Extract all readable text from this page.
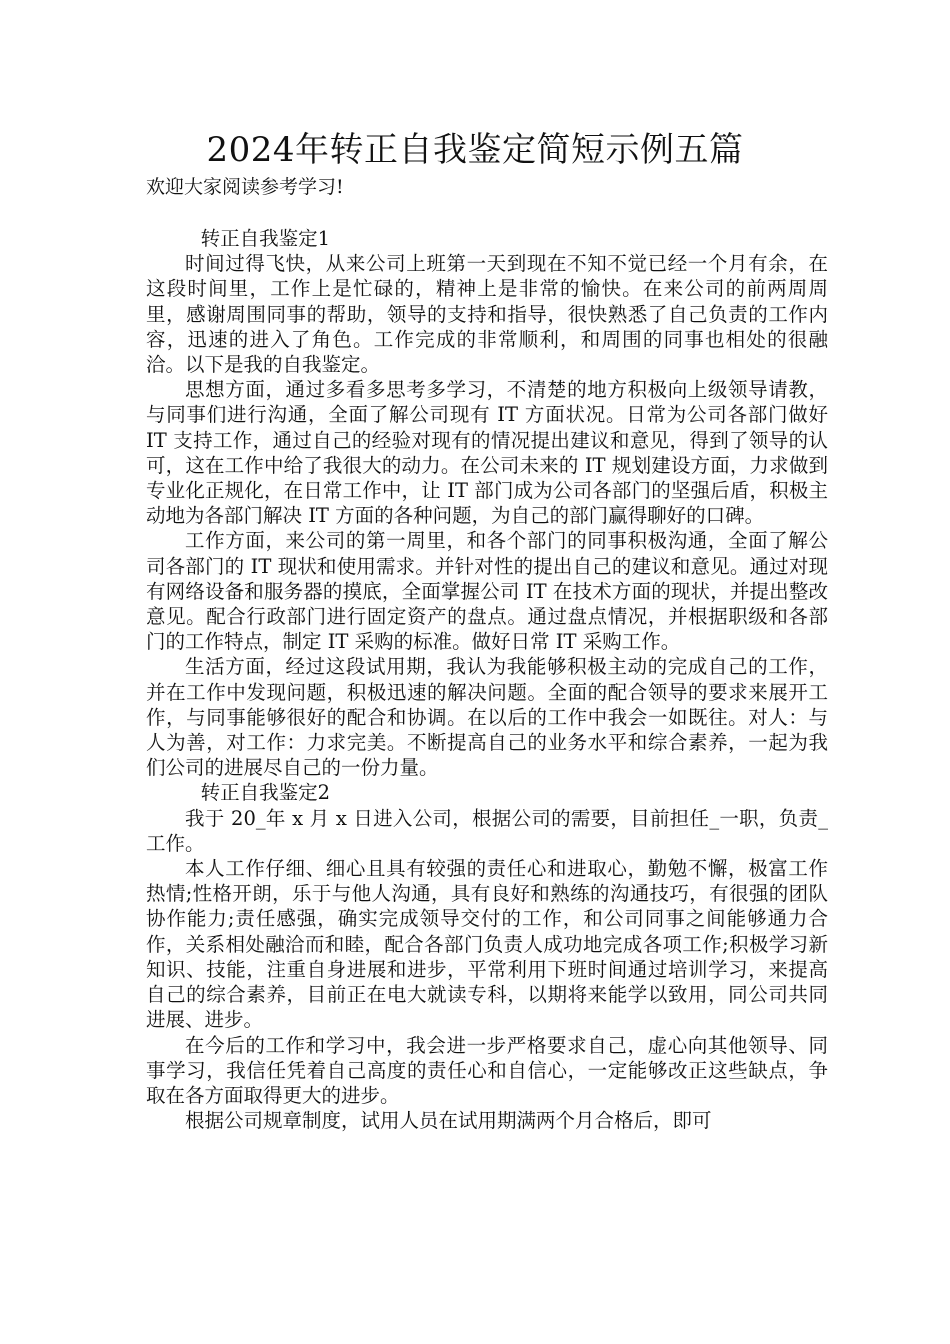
2024年转正自我鉴定简短示例五篇

欢迎大家阅读参考学习!

转正自我鉴定1

时间过得飞快，从来公司上班第一天到现在不知不觉已经一个月有余，在这段时间里，工作上是忙碌的，精神上是非常的愉快。在来公司的前两周周里，感谢周围同事的帮助，领导的支持和指导，很快熟悉了自己负责的工作内容，迅速的进入了角色。工作完成的非常顺利，和周围的同事也相处的很融洽。以下是我的自我鉴定。

思想方面，通过多看多思考多学习，不清楚的地方积极向上级领导请教，与同事们进行沟通，全面了解公司现有 IT 方面状况。日常为公司各部门做好 IT 支持工作，通过自己的经验对现有的情况提出建议和意见，得到了领导的认可，这在工作中给了我很大的动力。在公司未来的 IT 规划建设方面，力求做到专业化正规化，在日常工作中，让 IT 部门成为公司各部门的坚强后盾，积极主动地为各部门解决 IT 方面的各种问题，为自己的部门赢得聊好的口碑。

工作方面，来公司的第一周里，和各个部门的同事积极沟通，全面了解公司各部门的 IT 现状和使用需求。并针对性的提出自己的建议和意见。通过对现有网络设备和服务器的摸底，全面掌握公司 IT 在技术方面的现状，并提出整改意见。配合行政部门进行固定资产的盘点。通过盘点情况，并根据职级和各部门的工作特点，制定 IT 采购的标准。做好日常 IT 采购工作。

生活方面，经过这段试用期，我认为我能够积极主动的完成自己的工作，并在工作中发现问题，积极迅速的解决问题。全面的配合领导的要求来展开工作，与同事能够很好的配合和协调。在以后的工作中我会一如既往。对人：与人为善，对工作：力求完美。不断提高自己的业务水平和综合素养，一起为我们公司的进展尽自己的一份力量。

转正自我鉴定2

我于 20_年 x 月 x 日进入公司，根据公司的需要，目前担任_一职，负责_工作。

本人工作仔细、细心且具有较强的责任心和进取心，勤勉不懈，极富工作热情;性格开朗，乐于与他人沟通，具有良好和熟练的沟通技巧，有很强的团队协作能力;责任感强，确实完成领导交付的工作，和公司同事之间能够通力合作，关系相处融洽而和睦，配合各部门负责人成功地完成各项工作;积极学习新知识、技能，注重自身进展和进步，平常利用下班时间通过培训学习，来提高自己的综合素养，目前正在电大就读专科，以期将来能学以致用，同公司共同进展、进步。

在今后的工作和学习中，我会进一步严格要求自己，虚心向其他领导、同事学习，我信任凭着自己高度的责任心和自信心，一定能够改正这些缺点，争取在各方面取得更大的进步。

根据公司规章制度，试用人员在试用期满两个月合格后，即可
